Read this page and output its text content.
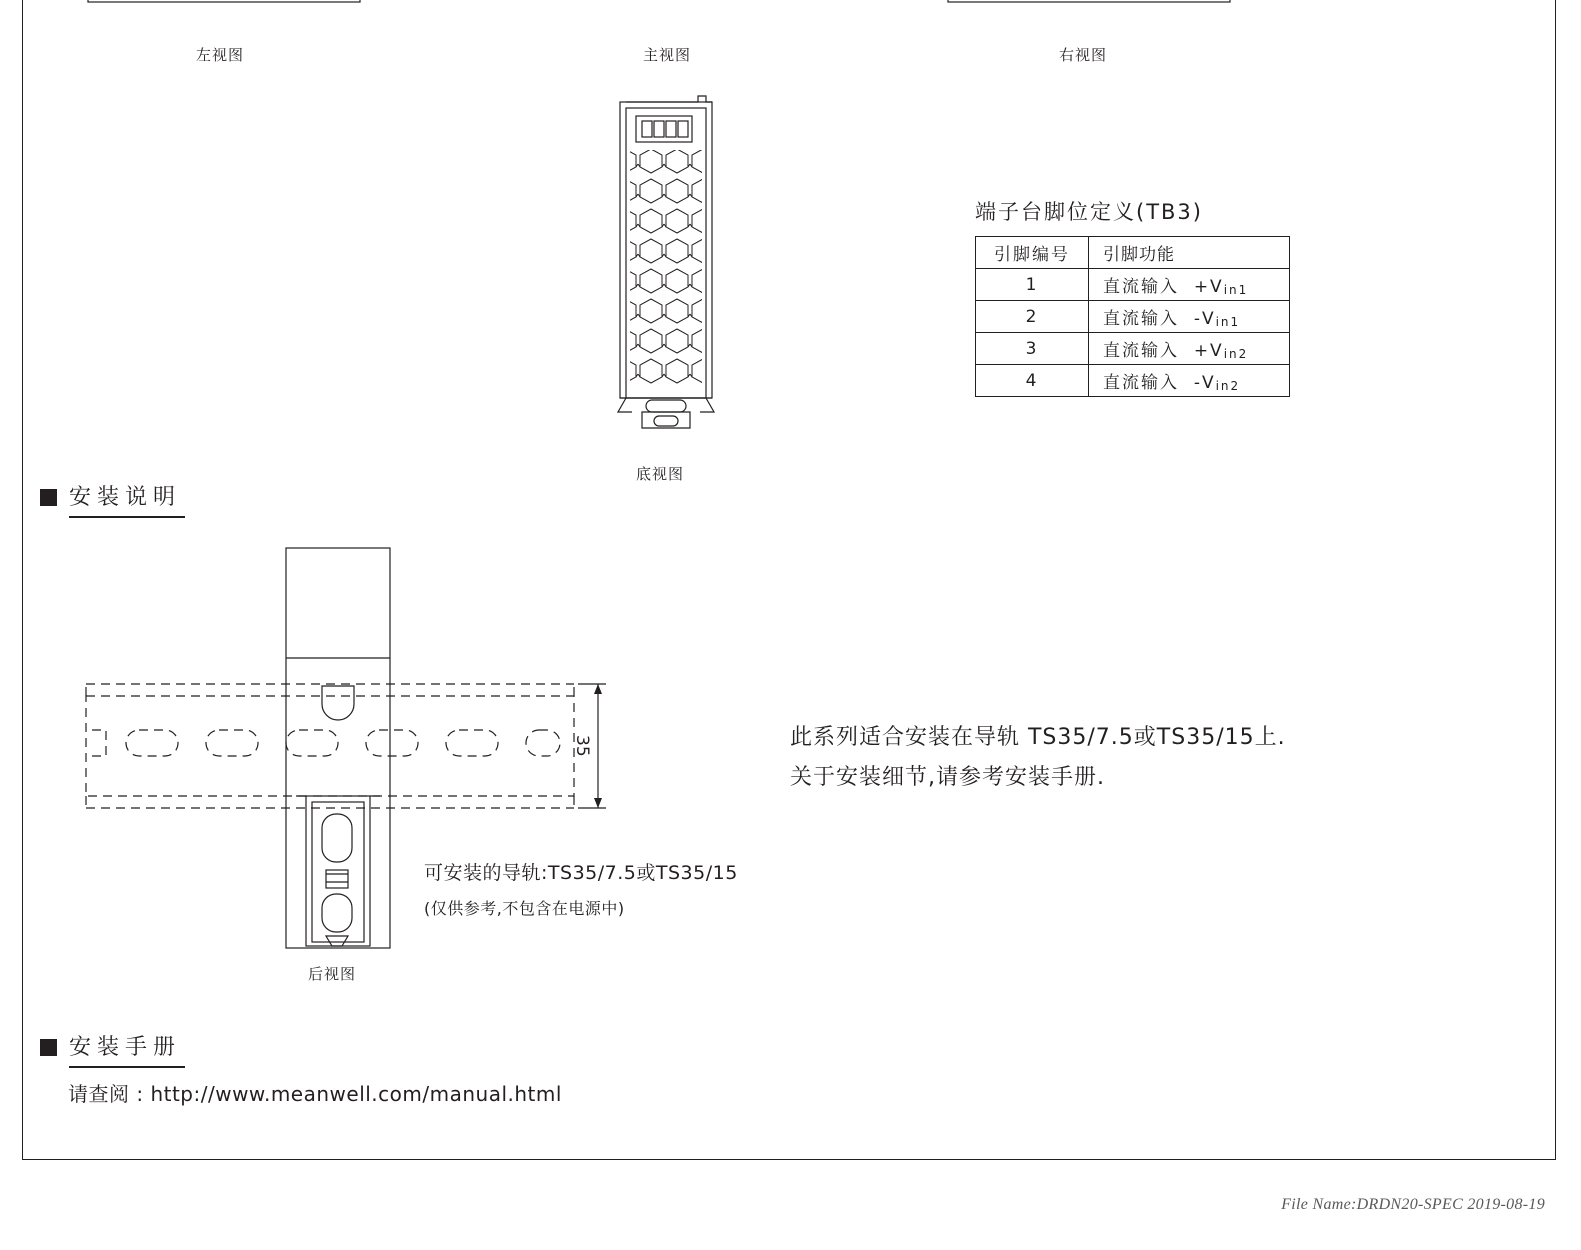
左视图	主视图	右视图
底视图
端子台脚位定义(TB3)
引脚编号	引脚功能
1	直流输入 +Vin1
2	直流输入 -Vin1
3	直流输入 +Vin2
4	直流输入 -Vin2
安装说明
35
后视图
可安装的导轨:TS35/7.5或TS35/15
(仅供参考,不包含在电源中)
此系列适合安装在导轨 TS35/7.5或TS35/15上.
关于安装细节,请参考安装手册.
安装手册
请查阅 : http://www.meanwell.com/manual.html
File Name:DRDN20-SPEC 2019-08-19
